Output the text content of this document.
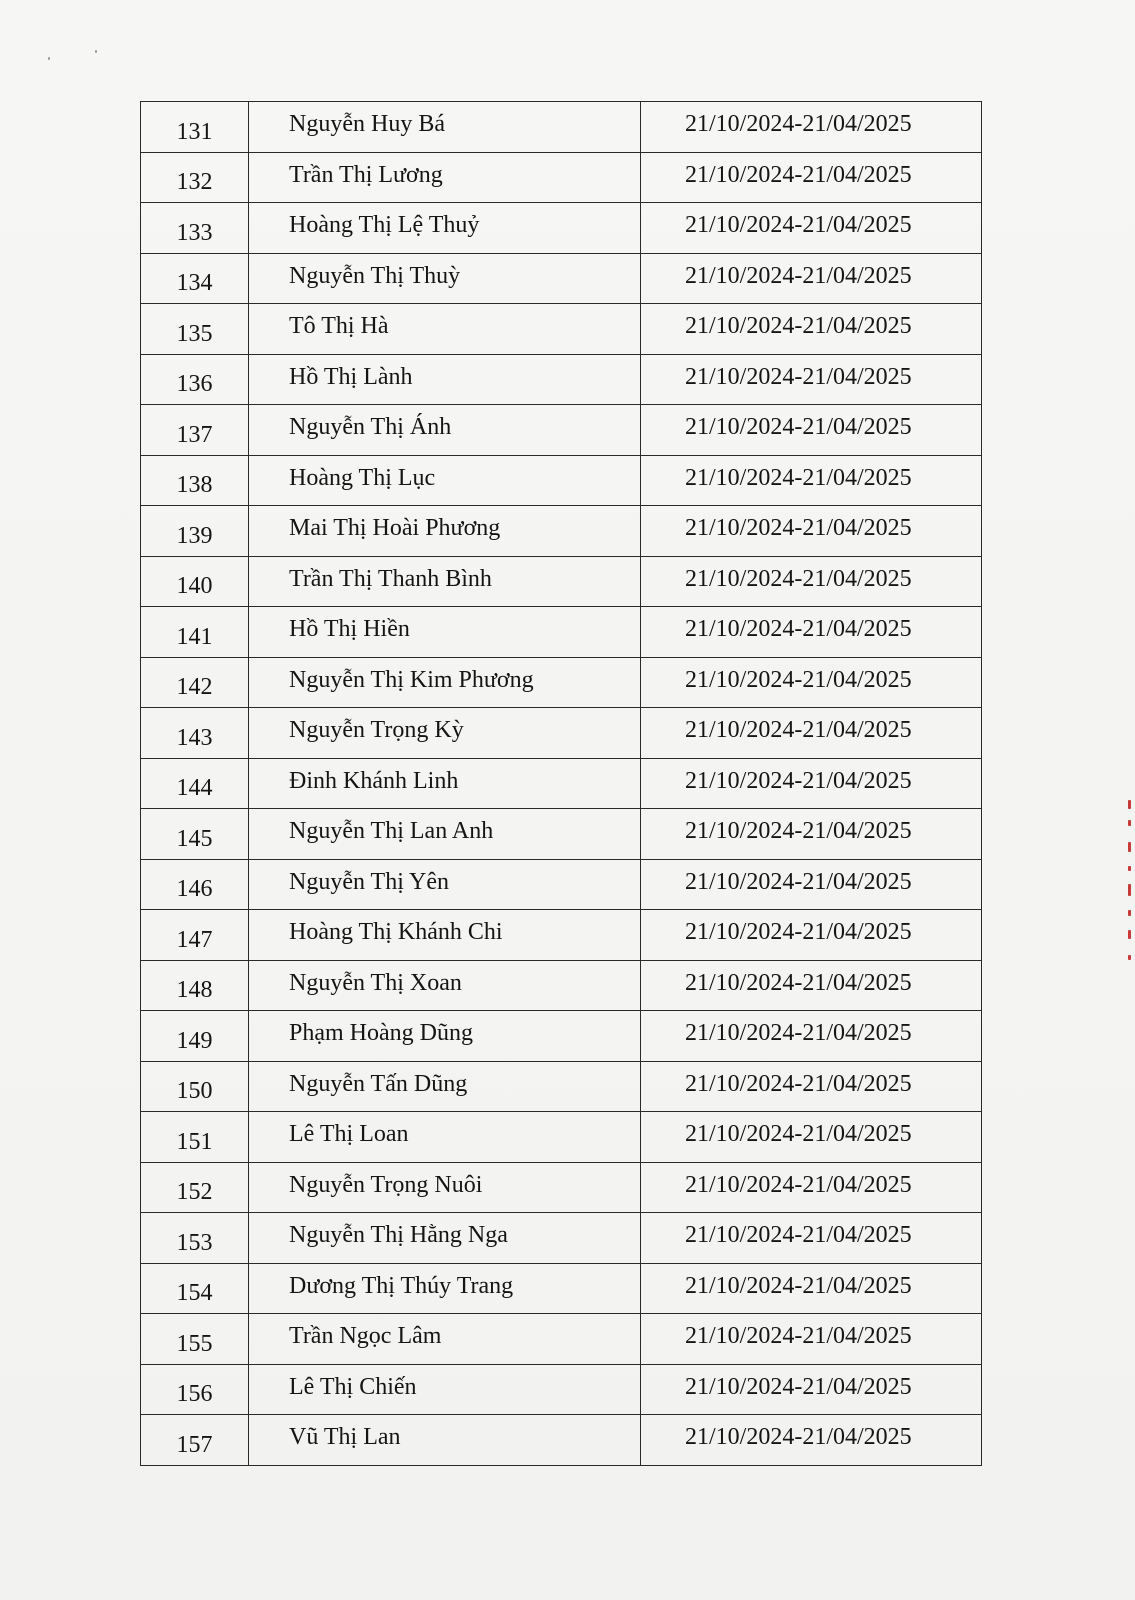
131	Nguyễn Huy Bá	21/10/2024-21/04/2025
132	Trần Thị Lương	21/10/2024-21/04/2025
133	Hoàng Thị Lệ Thuỷ	21/10/2024-21/04/2025
134	Nguyễn Thị Thuỳ	21/10/2024-21/04/2025
135	Tô Thị Hà	21/10/2024-21/04/2025
136	Hồ Thị Lành	21/10/2024-21/04/2025
137	Nguyễn Thị Ánh	21/10/2024-21/04/2025
138	Hoàng Thị Lục	21/10/2024-21/04/2025
139	Mai Thị Hoài Phương	21/10/2024-21/04/2025
140	Trần Thị Thanh Bình	21/10/2024-21/04/2025
141	Hồ Thị Hiền	21/10/2024-21/04/2025
142	Nguyễn Thị Kim Phương	21/10/2024-21/04/2025
143	Nguyễn Trọng Kỳ	21/10/2024-21/04/2025
144	Đinh Khánh Linh	21/10/2024-21/04/2025
145	Nguyễn Thị Lan Anh	21/10/2024-21/04/2025
146	Nguyễn Thị Yên	21/10/2024-21/04/2025
147	Hoàng Thị Khánh Chi	21/10/2024-21/04/2025
148	Nguyễn Thị Xoan	21/10/2024-21/04/2025
149	Phạm Hoàng Dũng	21/10/2024-21/04/2025
150	Nguyễn Tấn Dũng	21/10/2024-21/04/2025
151	Lê Thị Loan	21/10/2024-21/04/2025
152	Nguyễn Trọng Nuôi	21/10/2024-21/04/2025
153	Nguyễn Thị Hằng Nga	21/10/2024-21/04/2025
154	Dương Thị Thúy Trang	21/10/2024-21/04/2025
155	Trần Ngọc Lâm	21/10/2024-21/04/2025
156	Lê Thị Chiến	21/10/2024-21/04/2025
157	Vũ Thị Lan	21/10/2024-21/04/2025
